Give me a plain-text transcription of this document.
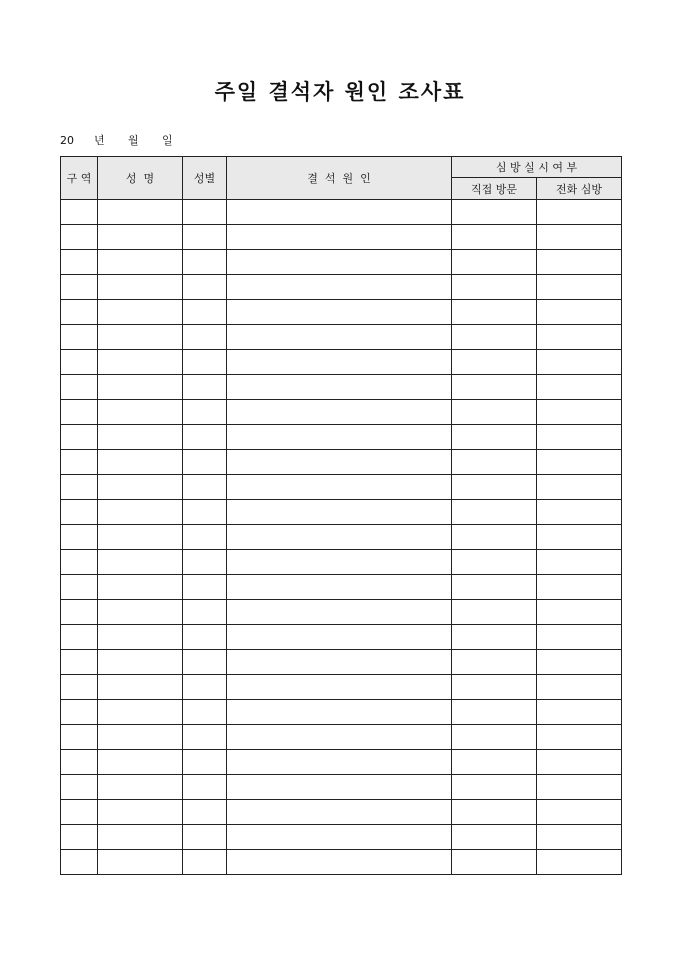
주일 결석자 원인 조사표
20	년	월	일
구 역	성  명	성별	결  석  원  인	심 방 실 시 여 부	
				직접 방문	전화 심방
